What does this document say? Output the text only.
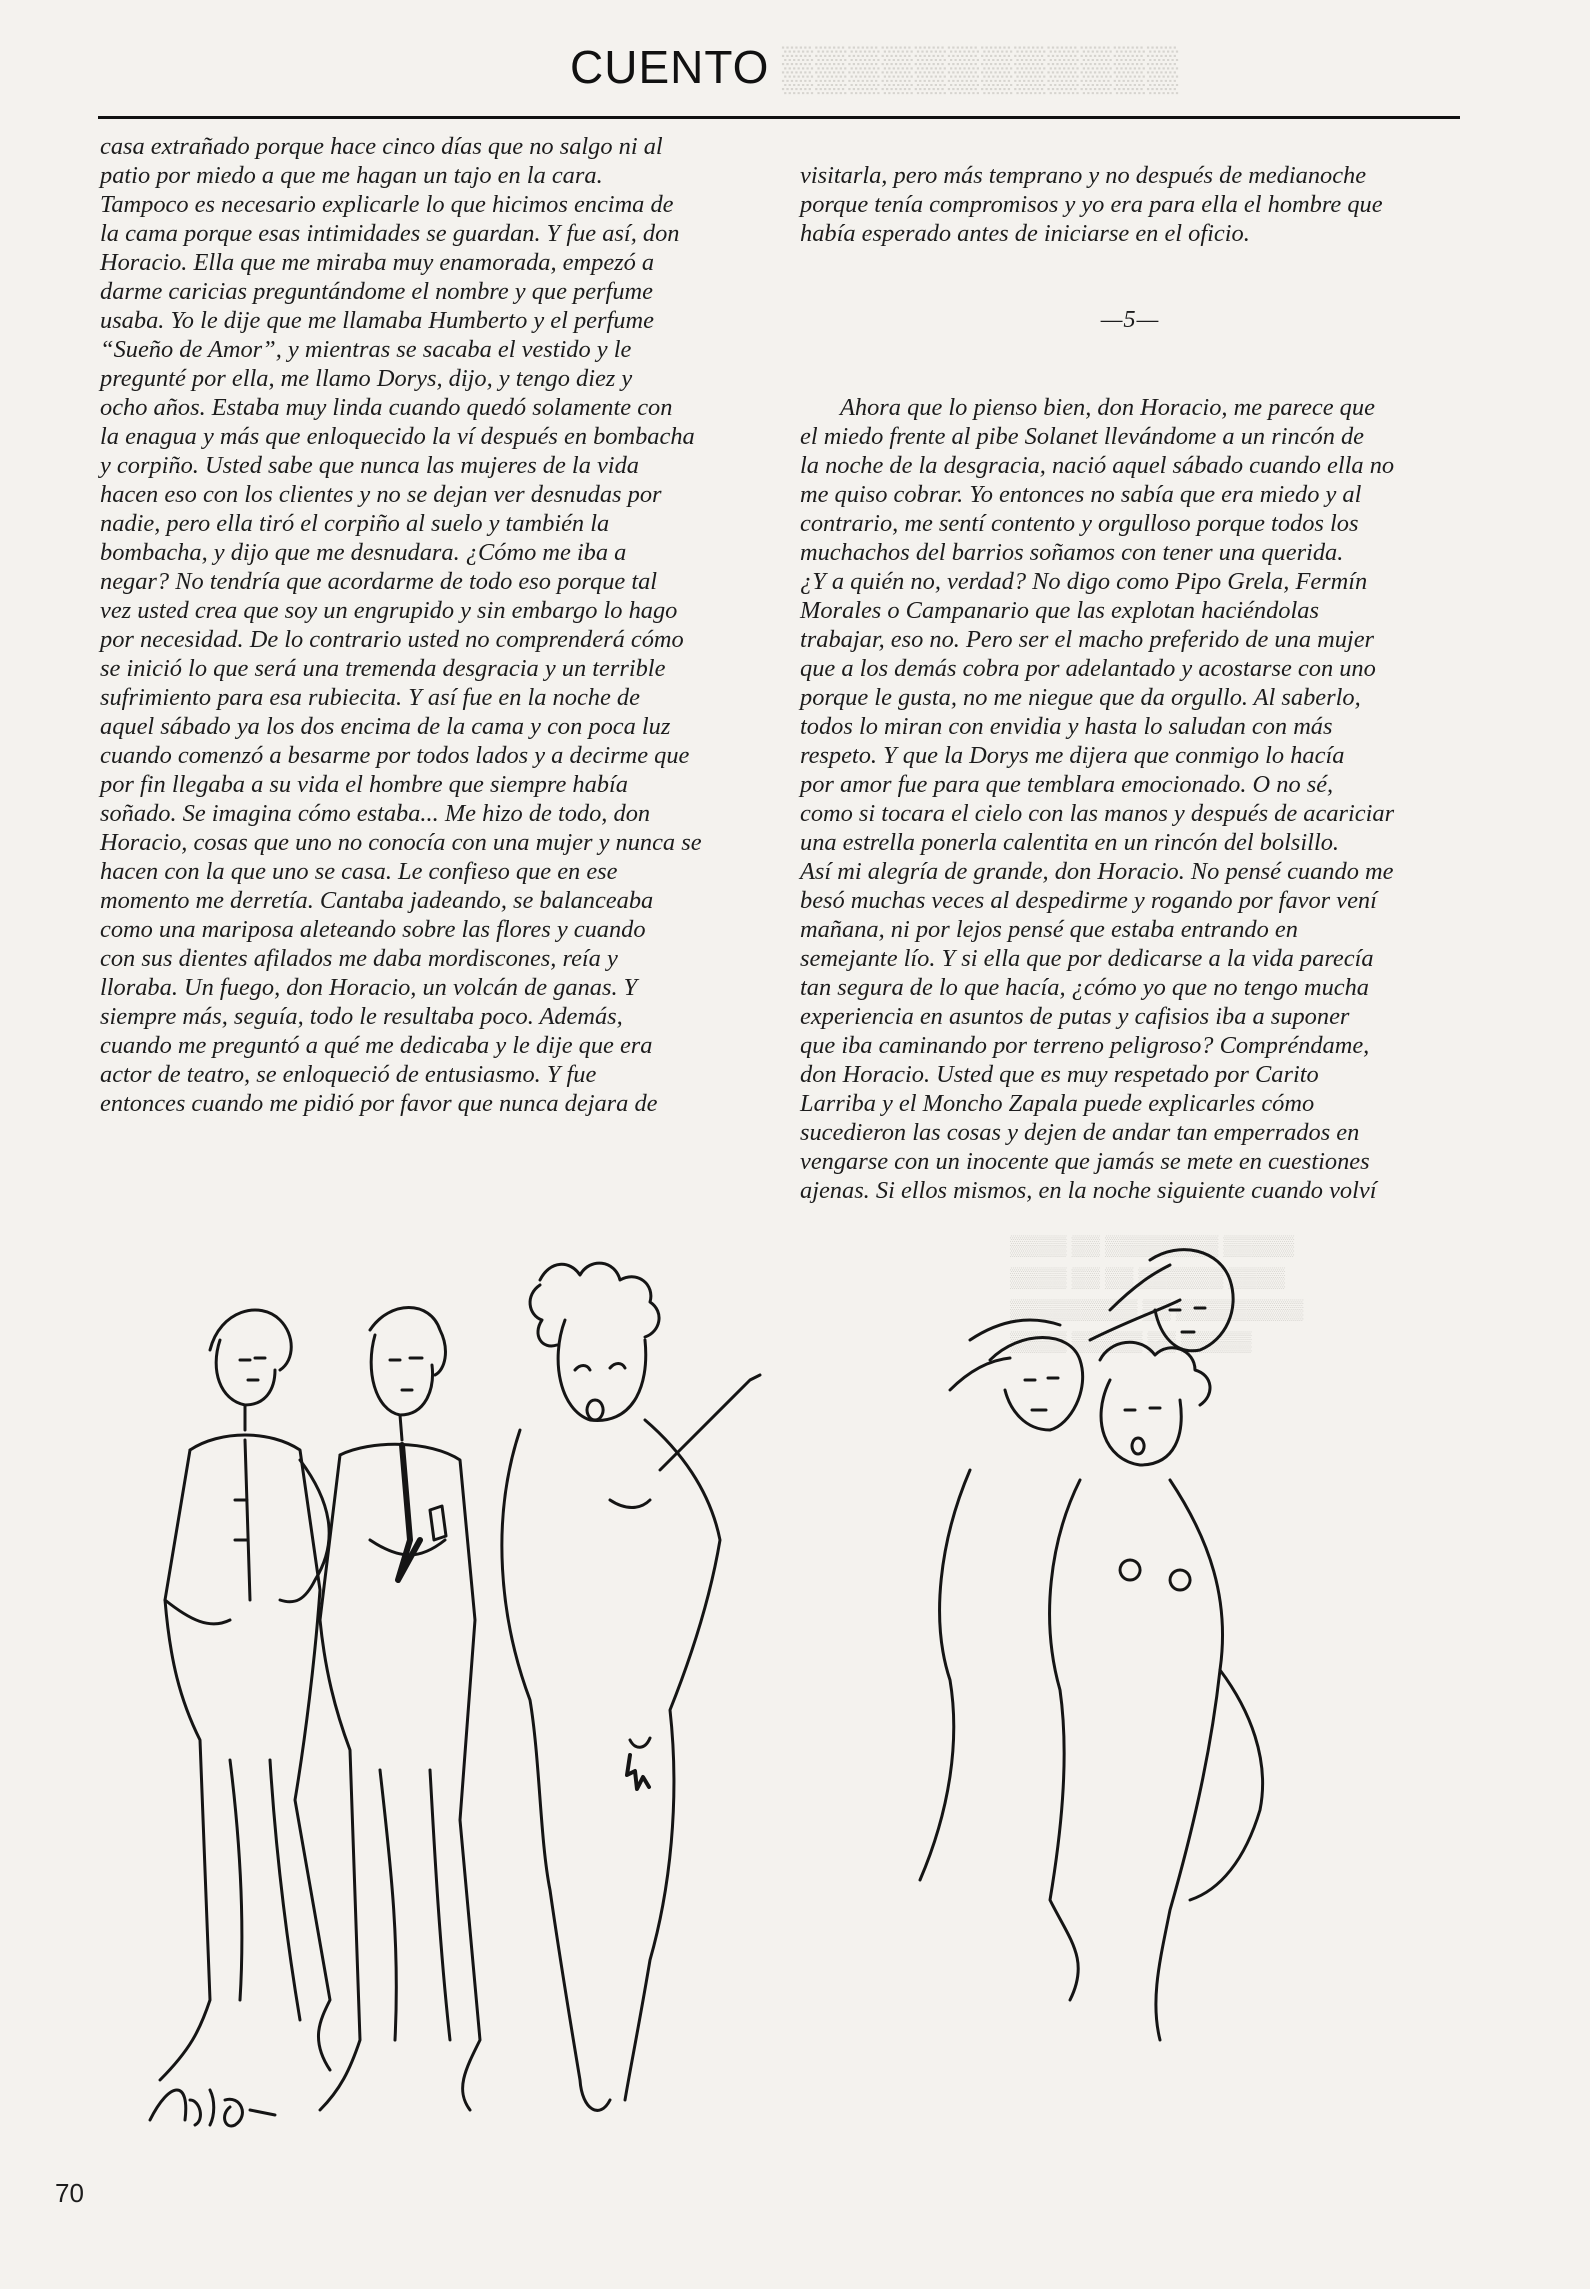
▒▒▒▒▒▒▒▒▒▒▒▒
▒▒▒▒ ▒▒ ▒▒▒▒▒▒▒▒ ▒▒▒▒▒
▒▒▒▒ ▒▒ ▒▒ ▒▒▒▒▒▒ ▒▒▒▒
▒▒▒▒▒▒▒▒▒ ▒▒ ▒▒▒▒▒▒▒▒▒
▒▒▒▒ ▒▒▒▒▒ ▒▒ ▒▒▒▒▒
CUENTO
casa extrañado porque hace cinco días que no salgo ni al
patio por miedo a que me hagan un tajo en la cara.
Tampoco es necesario explicarle lo que hicimos encima de
la cama porque esas intimidades se guardan. Y fue así, don
Horacio. Ella que me miraba muy enamorada, empezó a
darme caricias preguntándome el nombre y que perfume
usaba. Yo le dije que me llamaba Humberto y el perfume
“Sueño de Amor”, y mientras se sacaba el vestido y le
pregunté por ella, me llamo Dorys, dijo, y tengo diez y
ocho años. Estaba muy linda cuando quedó solamente con
la enagua y más que enloquecido la ví después en bombacha
y corpiño. Usted sabe que nunca las mujeres de la vida
hacen eso con los clientes y no se dejan ver desnudas por
nadie, pero ella tiró el corpiño al suelo y también la
bombacha, y dijo que me desnudara. ¿Cómo me iba a
negar? No tendría que acordarme de todo eso porque tal
vez usted crea que soy un engrupido y sin embargo lo hago
por necesidad. De lo contrario usted no comprenderá cómo
se inició lo que será una tremenda desgracia y un terrible
sufrimiento para esa rubiecita. Y así fue en la noche de
aquel sábado ya los dos encima de la cama y con poca luz
cuando comenzó a besarme por todos lados y a decirme que
por fin llegaba a su vida el hombre que siempre había
soñado. Se imagina cómo estaba... Me hizo de todo, don
Horacio, cosas que uno no conocía con una mujer y nunca se
hacen con la que uno se casa. Le confieso que en ese
momento me derretía. Cantaba jadeando, se balanceaba
como una mariposa aleteando sobre las flores y cuando
con sus dientes afilados me daba mordiscones, reía y
lloraba. Un fuego, don Horacio, un volcán de ganas. Y
siempre más, seguía, todo le resultaba poco. Además,
cuando me preguntó a qué me dedicaba y le dije que era
actor de teatro, se enloqueció de entusiasmo. Y fue
entonces cuando me pidió por favor que nunca dejara de

visitarla, pero más temprano y no después de medianoche
porque tenía compromisos y yo era para ella el hombre que
había esperado antes de iniciarse en el oficio.

—5—

Ahora que lo pienso bien, don Horacio, me parece que
el miedo frente al pibe Solanet llevándome a un rincón de
la noche de la desgracia, nació aquel sábado cuando ella no
me quiso cobrar. Yo entonces no sabía que era miedo y al
contrario, me sentí contento y orgulloso porque todos los
muchachos del barrios soñamos con tener una querida.
¿Y a quién no, verdad? No digo como Pipo Grela, Fermín
Morales o Campanario que las explotan haciéndolas
trabajar, eso no. Pero ser el macho preferido de una mujer
que a los demás cobra por adelantado y acostarse con uno
porque le gusta, no me niegue que da orgullo. Al saberlo,
todos lo miran con envidia y hasta lo saludan con más
respeto. Y que la Dorys me dijera que conmigo lo hacía
por amor fue para que temblara emocionado. O no sé,
como si tocara el cielo con las manos y después de acariciar
una estrella ponerla calentita en un rincón del bolsillo.
Así mi alegría de grande, don Horacio. No pensé cuando me
besó muchas veces al despedirme y rogando por favor vení
mañana, ni por lejos pensé que estaba entrando en
semejante lío. Y si ella que por dedicarse a la vida parecía
tan segura de lo que hacía, ¿cómo yo que no tengo mucha
experiencia en asuntos de putas y cafisios iba a suponer
que iba caminando por terreno peligroso? Compréndame,
don Horacio. Usted que es muy respetado por Carito
Larriba y el Moncho Zapala puede explicarles cómo
sucedieron las cosas y dejen de andar tan emperrados en
vengarse con un inocente que jamás se mete en cuestiones
ajenas. Si ellos mismos, en la noche siguiente cuando volví

70
